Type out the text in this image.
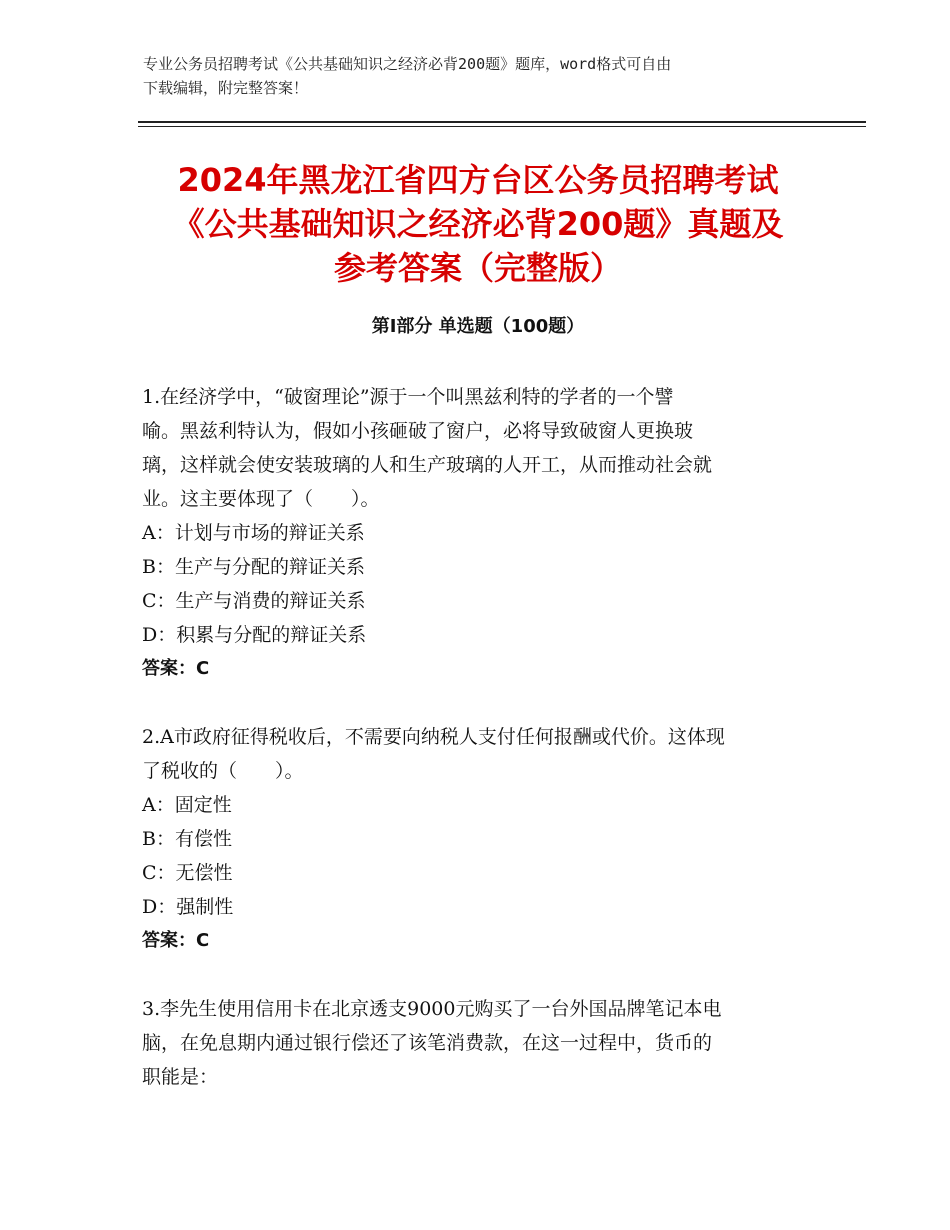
专业公务员招聘考试《公共基础知识之经济必背200题》题库，word格式可自由
下载编辑，附完整答案！
2024年黑龙江省四方台区公务员招聘考试
《公共基础知识之经济必背200题》真题及
参考答案（完整版）
第Ⅰ部分 单选题（100题）
1.在经济学中，“破窗理论”源于一个叫黑兹利特的学者的一个譬
喻。黑兹利特认为，假如小孩砸破了窗户，必将导致破窗人更换玻
璃，这样就会使安装玻璃的人和生产玻璃的人开工，从而推动社会就
业。这主要体现了（　　）。
A：计划与市场的辩证关系
B：生产与分配的辩证关系
C：生产与消费的辩证关系
D：积累与分配的辩证关系
答案：C
2.A市政府征得税收后，不需要向纳税人支付任何报酬或代价。这体现
了税收的（　　）。
A：固定性
B：有偿性
C：无偿性
D：强制性
答案：C
3.李先生使用信用卡在北京透支9000元购买了一台外国品牌笔记本电
脑，在免息期内通过银行偿还了该笔消费款，在这一过程中，货币的
职能是：
